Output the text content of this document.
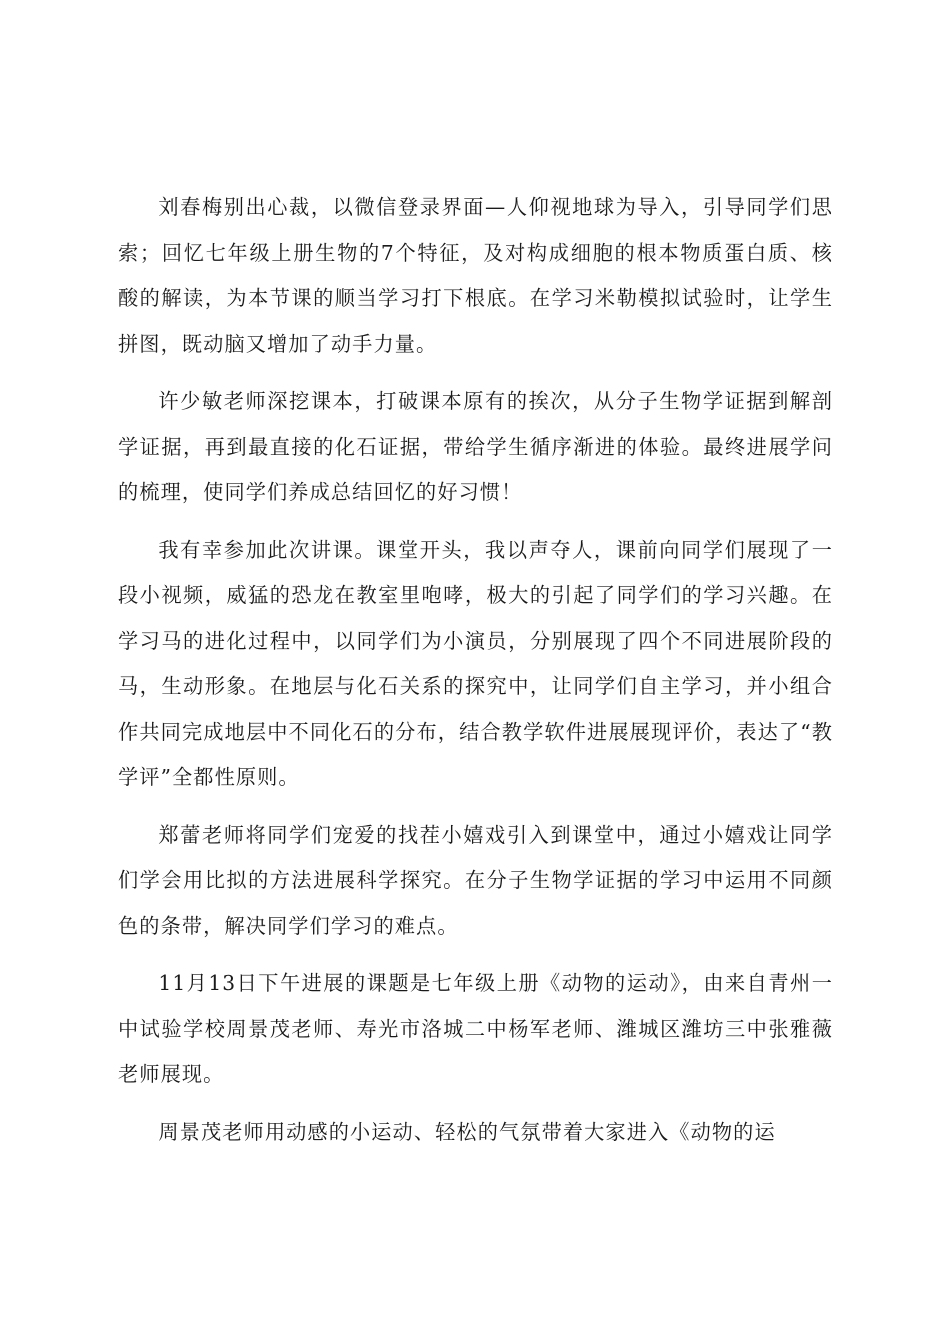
刘春梅别出心裁，以微信登录界面—人仰视地球为导入，引导同学们思索；回忆七年级上册生物的7个特征，及对构成细胞的根本物质蛋白质、核酸的解读，为本节课的顺当学习打下根底。在学习米勒模拟试验时，让学生拼图，既动脑又增加了动手力量。

许少敏老师深挖课本，打破课本原有的挨次，从分子生物学证据到解剖学证据，再到最直接的化石证据，带给学生循序渐进的体验。最终进展学问的梳理，使同学们养成总结回忆的好习惯！

我有幸参加此次讲课。课堂开头，我以声夺人，课前向同学们展现了一段小视频，威猛的恐龙在教室里咆哮，极大的引起了同学们的学习兴趣。在学习马的进化过程中，以同学们为小演员，分别展现了四个不同进展阶段的马，生动形象。在地层与化石关系的探究中，让同学们自主学习，并小组合作共同完成地层中不同化石的分布，结合教学软件进展展现评价，表达了“教学评”全都性原则。

郑蕾老师将同学们宠爱的找茬小嬉戏引入到课堂中，通过小嬉戏让同学们学会用比拟的方法进展科学探究。在分子生物学证据的学习中运用不同颜色的条带，解决同学们学习的难点。

11月13日下午进展的课题是七年级上册《动物的运动》，由来自青州一中试验学校周景茂老师、寿光市洛城二中杨军老师、潍城区潍坊三中张雅薇老师展现。

周景茂老师用动感的小运动、轻松的气氛带着大家进入《动物的运
